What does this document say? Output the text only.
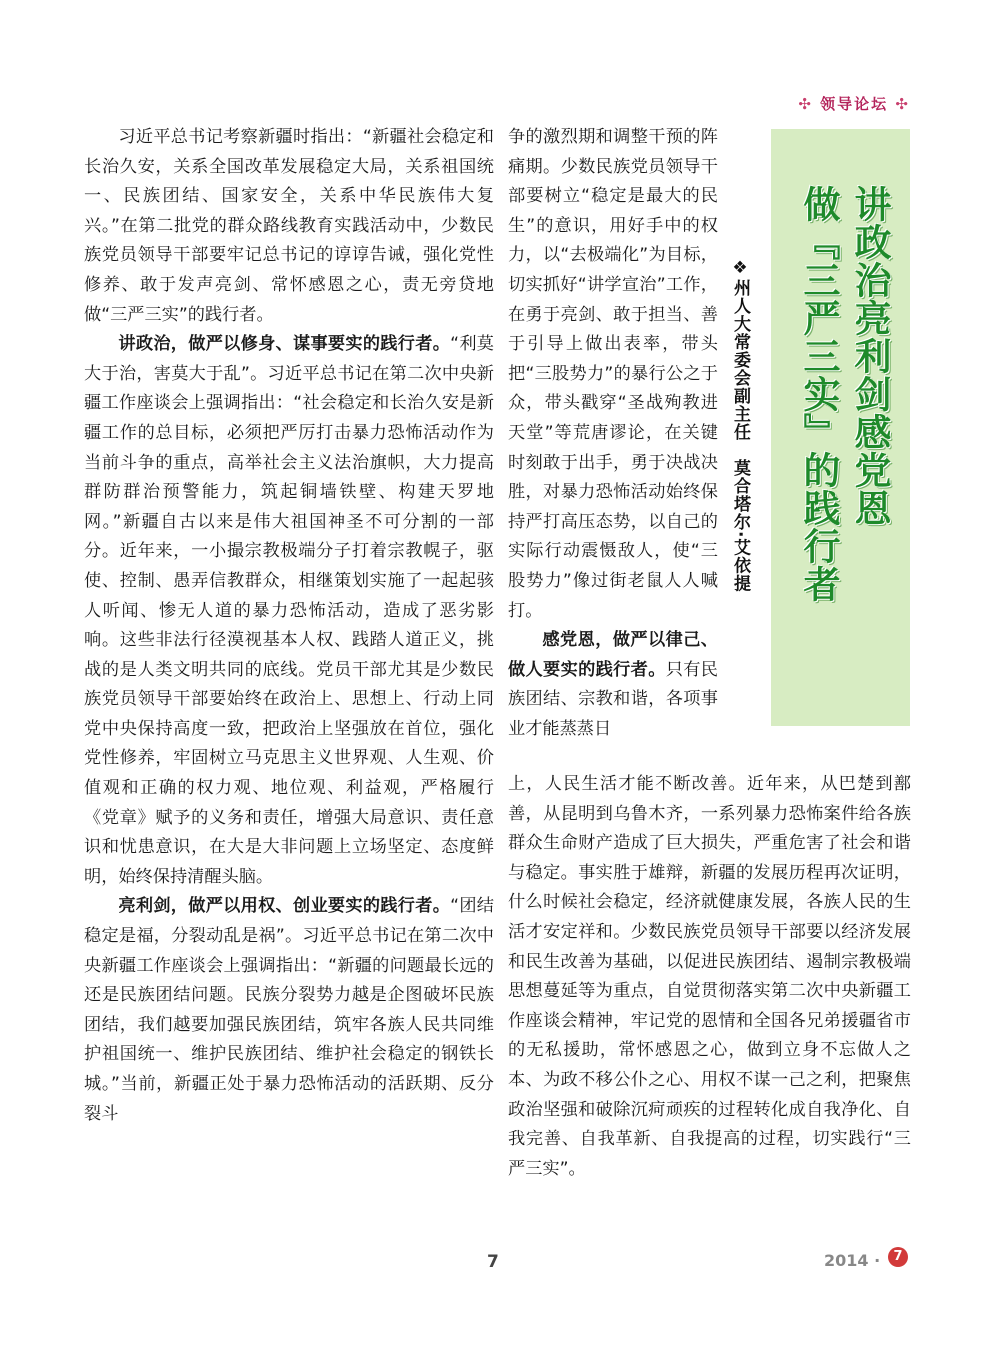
✣ 领导论坛 ✣

习近平总书记考察新疆时指出：“新疆社会稳定和长治久安，关系全国改革发展稳定大局，关系祖国统一、民族团结、国家安全，关系中华民族伟大复兴。”在第二批党的群众路线教育实践活动中，少数民族党员领导干部要牢记总书记的谆谆告诫，强化党性修养、敢于发声亮剑、常怀感恩之心，责无旁贷地做“三严三实”的践行者。

讲政治，做严以修身、谋事要实的践行者。“利莫大于治，害莫大于乱”。习近平总书记在第二次中央新疆工作座谈会上强调指出：“社会稳定和长治久安是新疆工作的总目标，必须把严厉打击暴力恐怖活动作为当前斗争的重点，高举社会主义法治旗帜，大力提高群防群治预警能力，筑起铜墙铁壁、构建天罗地网。”新疆自古以来是伟大祖国神圣不可分割的一部分。近年来，一小撮宗教极端分子打着宗教幌子，驱使、控制、愚弄信教群众，相继策划实施了一起起骇人听闻、惨无人道的暴力恐怖活动，造成了恶劣影响。这些非法行径漠视基本人权、践踏人道正义，挑战的是人类文明共同的底线。党员干部尤其是少数民族党员领导干部要始终在政治上、思想上、行动上同党中央保持高度一致，把政治上坚强放在首位，强化党性修养，牢固树立马克思主义世界观、人生观、价值观和正确的权力观、地位观、利益观，严格履行《党章》赋予的义务和责任，增强大局意识、责任意识和忧患意识，在大是大非问题上立场坚定、态度鲜明，始终保持清醒头脑。

亮利剑，做严以用权、创业要实的践行者。“团结稳定是福，分裂动乱是祸”。习近平总书记在第二次中央新疆工作座谈会上强调指出：“新疆的问题最长远的还是民族团结问题。民族分裂势力越是企图破坏民族团结，我们越要加强民族团结，筑牢各族人民共同维护祖国统一、维护民族团结、维护社会稳定的钢铁长城。”当前，新疆正处于暴力恐怖活动的活跃期、反分裂斗

争的激烈期和调整干预的阵痛期。少数民族党员领导干部要树立“稳定是最大的民生”的意识，用好手中的权力，以“去极端化”为目标，切实抓好“讲学宣治”工作，在勇于亮剑、敢于担当、善于引导上做出表率，带头把“三股势力”的暴行公之于众，带头戳穿“圣战殉教进天堂”等荒唐谬论，在关键时刻敢于出手，勇于决战决胜，对暴力恐怖活动始终保持严打高压态势，以自己的实际行动震慑敌人，使“三股势力”像过街老鼠人人喊打。

感党恩，做严以律己、做人要实的践行者。只有民族团结、宗教和谐，各项事业才能蒸蒸日

❖州人大常委会副主任　莫合塔尔·艾依提	讲政治亮利剑感党恩
做『三严三实』的践行者

上，人民生活才能不断改善。近年来，从巴楚到鄯善，从昆明到乌鲁木齐，一系列暴力恐怖案件给各族群众生命财产造成了巨大损失，严重危害了社会和谐与稳定。事实胜于雄辩，新疆的发展历程再次证明，什么时候社会稳定，经济就健康发展，各族人民的生活才安定祥和。少数民族党员领导干部要以经济发展和民生改善为基础，以促进民族团结、遏制宗教极端思想蔓延等为重点，自觉贯彻落实第二次中央新疆工作座谈会精神，牢记党的恩情和全国各兄弟援疆省市的无私援助，常怀感恩之心，做到立身不忘做人之本、为政不移公仆之心、用权不谋一己之利，把聚焦政治坚强和破除沉疴顽疾的过程转化成自我净化、自我完善、自我革新、自我提高的过程，切实践行“三严三实”。

7	2014 ·	7
